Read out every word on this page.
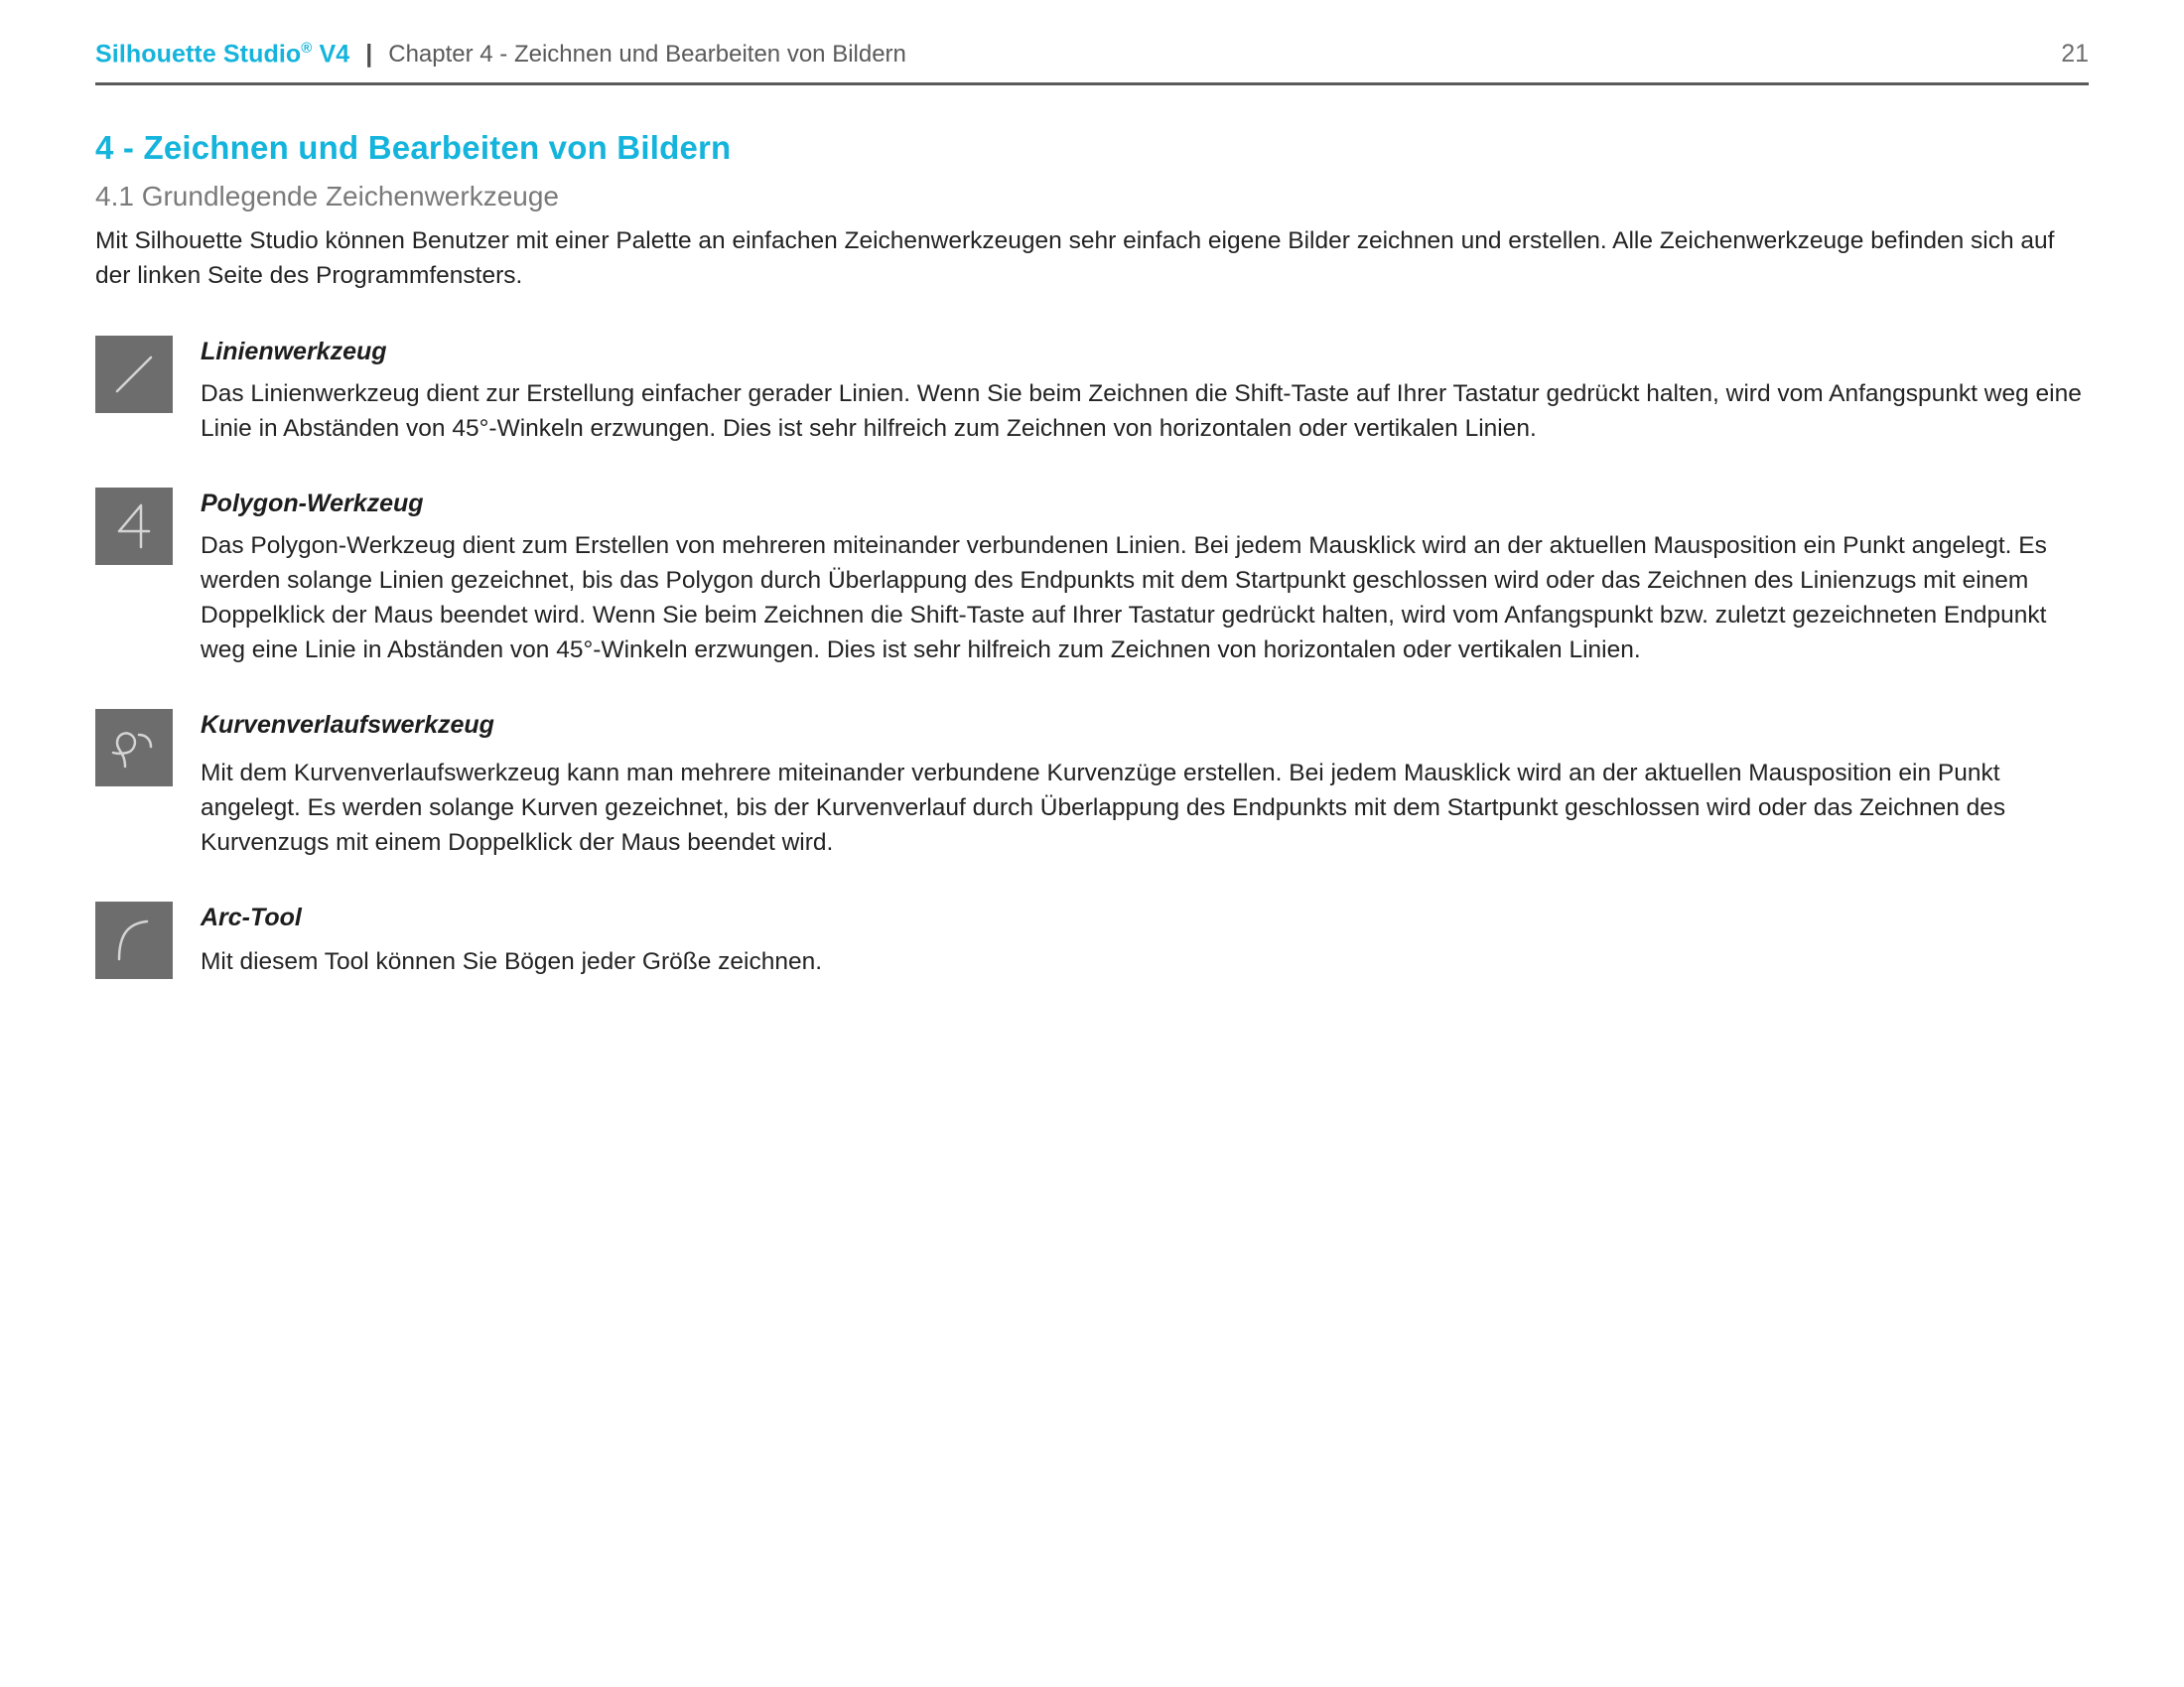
Silhouette Studio® V4 | Chapter 4 - Zeichnen und Bearbeiten von Bildern	21
4 - Zeichnen und Bearbeiten von Bildern
4.1 Grundlegende Zeichenwerkzeuge

Mit Silhouette Studio können Benutzer mit einer Palette an einfachen Zeichenwerkzeugen sehr einfach eigene Bilder zeichnen und erstellen. Alle Zeichenwerkzeuge befinden sich auf der linken Seite des Programmfensters.

Linienwerkzeug

Das Linienwerkzeug dient zur Erstellung einfacher gerader Linien. Wenn Sie beim Zeichnen die Shift-Taste auf Ihrer Tastatur gedrückt halten, wird vom Anfangspunkt weg eine Linie in Abständen von 45°-Winkeln erzwungen. Dies ist sehr hilfreich zum Zeichnen von horizontalen oder vertikalen Linien.

Polygon-Werkzeug

Das Polygon-Werkzeug dient zum Erstellen von mehreren miteinander verbundenen Linien. Bei jedem Mausklick wird an der aktuellen Mausposition ein Punkt angelegt. Es werden solange Linien gezeichnet, bis das Polygon durch Überlappung des Endpunkts mit dem Startpunkt geschlossen wird oder das Zeichnen des Linienzugs mit einem Doppelklick der Maus beendet wird. Wenn Sie beim Zeichnen die Shift-Taste auf Ihrer Tastatur gedrückt halten, wird vom Anfangspunkt bzw. zuletzt gezeichneten Endpunkt weg eine Linie in Abständen von 45°-Winkeln erzwungen. Dies ist sehr hilfreich zum Zeichnen von horizontalen oder vertikalen Linien.

Kurvenverlaufswerkzeug

Mit dem Kurvenverlaufswerkzeug kann man mehrere miteinander verbundene Kurvenzüge erstellen. Bei jedem Mausklick wird an der aktuellen Mausposition ein Punkt angelegt. Es werden solange Kurven gezeichnet, bis der Kurvenverlauf durch Überlappung des Endpunkts mit dem Startpunkt geschlossen wird oder das Zeichnen des Kurvenzugs mit einem Doppelklick der Maus beendet wird.

Arc-Tool

Mit diesem Tool können Sie Bögen jeder Größe zeichnen.
